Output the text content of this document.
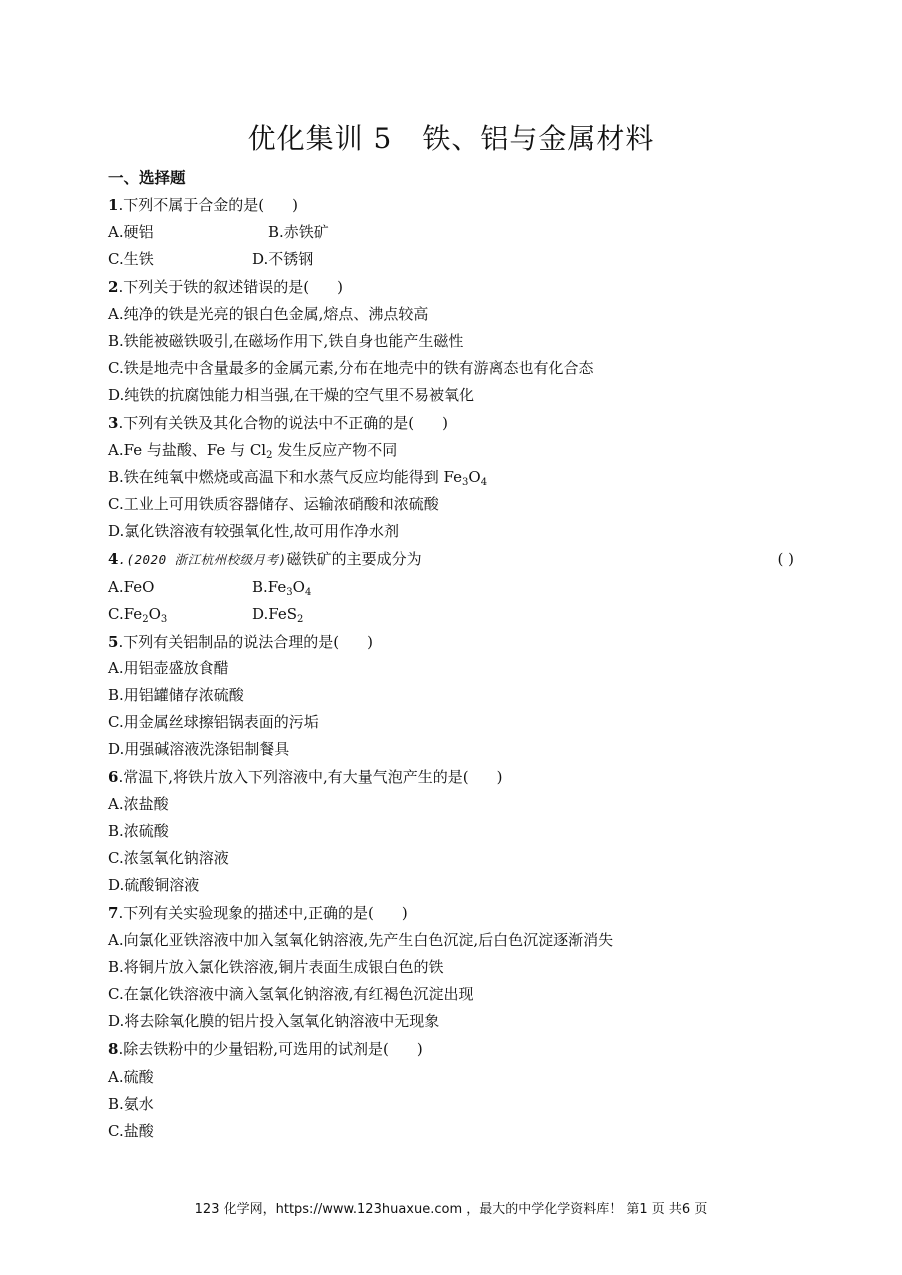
优化集训 5 铁、铝与金属材料
一、选择题
1.下列不属于合金的是( )
A.硬铝	B.赤铁矿
C.生铁	D.不锈钢
2.下列关于铁的叙述错误的是( )
A.纯净的铁是光亮的银白色金属,熔点、沸点较高
B.铁能被磁铁吸引,在磁场作用下,铁自身也能产生磁性
C.铁是地壳中含量最多的金属元素,分布在地壳中的铁有游离态也有化合态
D.纯铁的抗腐蚀能力相当强,在干燥的空气里不易被氧化
3.下列有关铁及其化合物的说法中不正确的是( )
A.Fe 与盐酸、Fe 与 $Cl_2$ 发生反应产物不同
B.铁在纯氧中燃烧或高温下和水蒸气反应均能得到 $Fe_3O_4$
C.工业上可用铁质容器储存、运输浓硝酸和浓硫酸
D.氯化铁溶液有较强氧化性,故可用作净水剂
4.(2020 浙江杭州校级月考)磁铁矿的主要成分为	( )
A.FeO	$B.Fe_3O_4$
$C.Fe_2O_3$	D.FeS$_2$
5.下列有关铝制品的说法合理的是( )
A.用铝壶盛放食醋
B.用铝罐储存浓硫酸
C.用金属丝球擦铝锅表面的污垢
D.用强碱溶液洗涤铝制餐具
6.常温下,将铁片放入下列溶液中,有大量气泡产生的是( )
A.浓盐酸
B.浓硫酸
C.浓氢氧化钠溶液
D.硫酸铜溶液
7.下列有关实验现象的描述中,正确的是( )
A.向氯化亚铁溶液中加入氢氧化钠溶液,先产生白色沉淀,后白色沉淀逐渐消失
B.将铜片放入氯化铁溶液,铜片表面生成银白色的铁
C.在氯化铁溶液中滴入氢氧化钠溶液,有红褐色沉淀出现
D.将去除氧化膜的铝片投入氢氧化钠溶液中无现象
8.除去铁粉中的少量铝粉,可选用的试剂是( )
A.硫酸
B.氨水
C.盐酸
123 化学网，https://www.123huaxue.com ，最大的中学化学资料库！ 第1 页 共6 页
